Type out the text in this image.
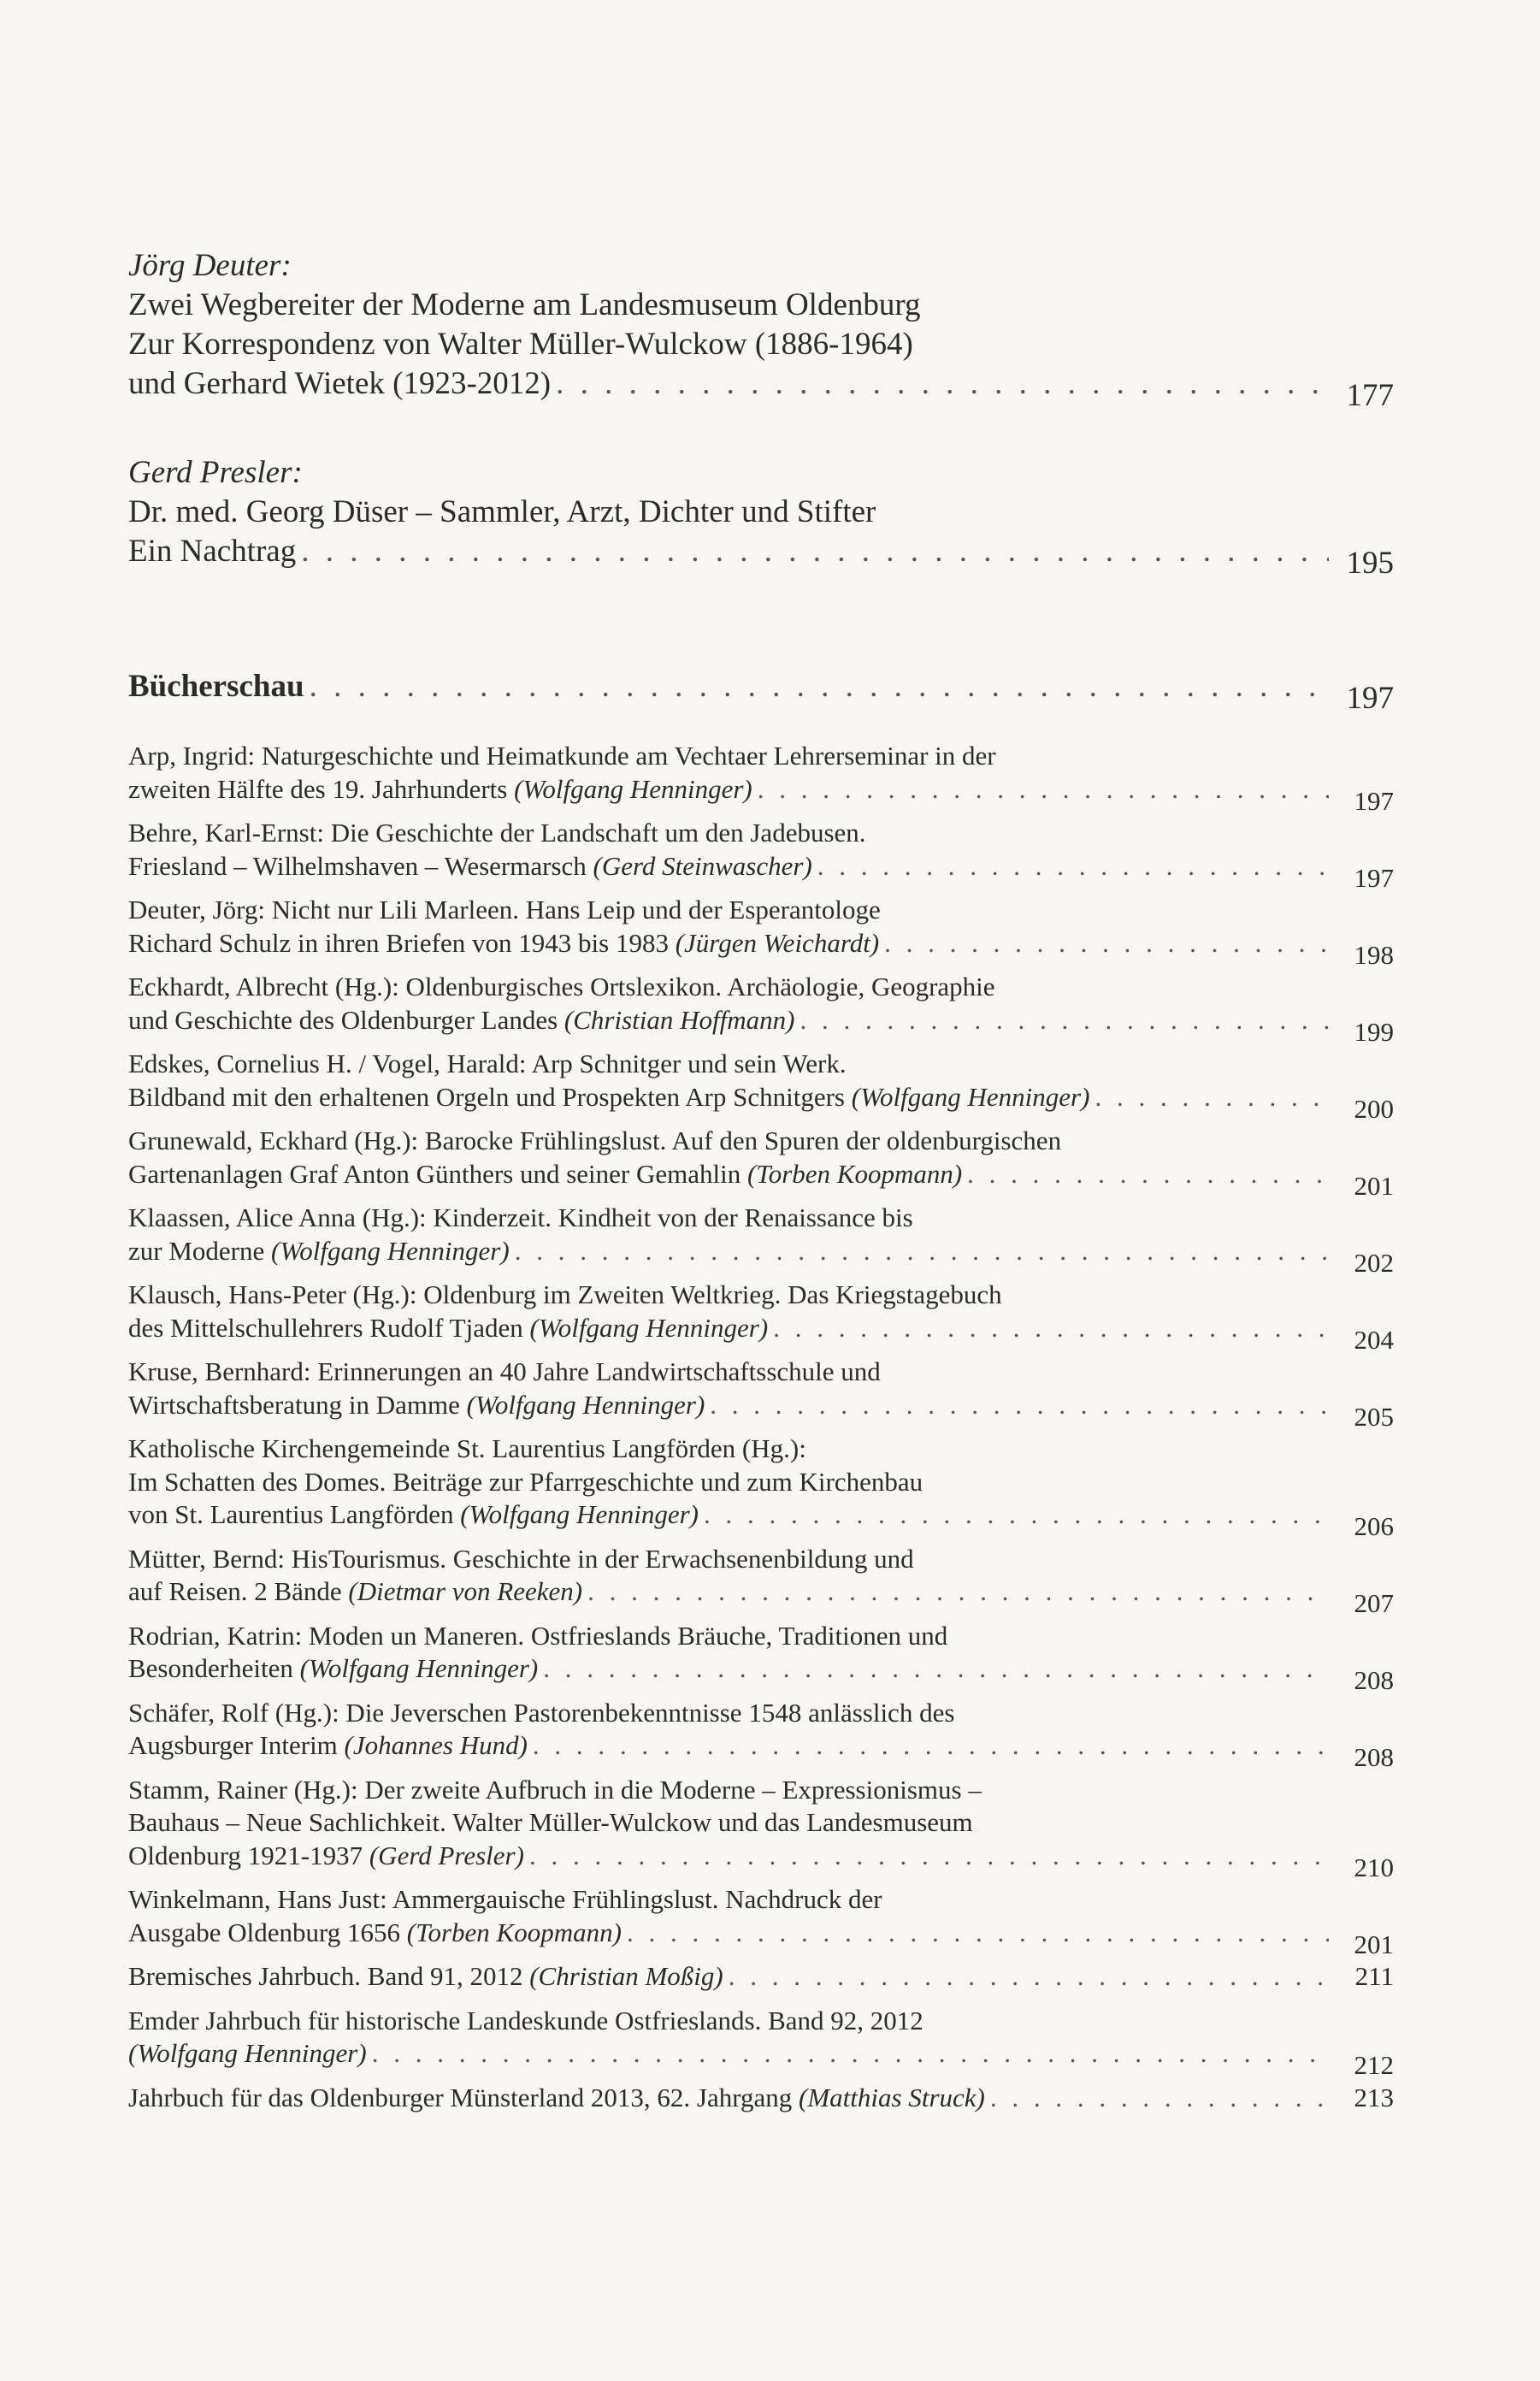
Jörg Deuter:
Zwei Wegbereiter der Moderne am Landesmuseum Oldenburg
Zur Korrespondenz von Walter Müller-Wulckow (1886-1964)
und Gerhard Wietek (1923-2012) . . .	177
Gerd Presler:
Dr. med. Georg Düser – Sammler, Arzt, Dichter und Stifter
Ein Nachtrag . . .	195
Bücherschau . . .	197
Arp, Ingrid: Naturgeschichte und Heimatkunde am Vechtaer Lehrerseminar in der
zweiten Hälfte des 19. Jahrhunderts (Wolfgang Henninger) . . .	197
Behre, Karl-Ernst: Die Geschichte der Landschaft um den Jadebusen.
Friesland – Wilhelmshaven – Wesermarsch (Gerd Steinwascher) . . .	197
Deuter, Jörg: Nicht nur Lili Marleen. Hans Leip und der Esperantologe
Richard Schulz in ihren Briefen von 1943 bis 1983 (Jürgen Weichardt) . . .	198
Eckhardt, Albrecht (Hg.): Oldenburgisches Ortslexikon. Archäologie, Geographie
und Geschichte des Oldenburger Landes (Christian Hoffmann) . . .	199
Edskes, Cornelius H. / Vogel, Harald: Arp Schnitger und sein Werk.
Bildband mit den erhaltenen Orgeln und Prospekten Arp Schnitgers (Wolfgang Henninger) . . .	200
Grunewald, Eckhard (Hg.): Barocke Frühlingslust. Auf den Spuren der oldenburgischen
Gartenanlagen Graf Anton Günthers und seiner Gemahlin (Torben Koopmann) . . .	201
Klaassen, Alice Anna (Hg.): Kinderzeit. Kindheit von der Renaissance bis
zur Moderne (Wolfgang Henninger) . . .	202
Klausch, Hans-Peter (Hg.): Oldenburg im Zweiten Weltkrieg. Das Kriegstagebuch
des Mittelschullehrers Rudolf Tjaden (Wolfgang Henninger) . . .	204
Kruse, Bernhard: Erinnerungen an 40 Jahre Landwirtschaftsschule und
Wirtschaftsberatung in Damme (Wolfgang Henninger) . . .	205
Katholische Kirchengemeinde St. Laurentius Langförden (Hg.):
Im Schatten des Domes. Beiträge zur Pfarrgeschichte und zum Kirchenbau
von St. Laurentius Langförden (Wolfgang Henninger) . . .	206
Mütter, Bernd: HisTourismus. Geschichte in der Erwachsenenbildung und
auf Reisen. 2 Bände (Dietmar von Reeken) . . .	207
Rodrian, Katrin: Moden un Maneren. Ostfrieslands Bräuche, Traditionen und
Besonderheiten (Wolfgang Henninger) . . .	208
Schäfer, Rolf (Hg.): Die Jeverschen Pastorenbekenntnisse 1548 anlässlich des
Augsburger Interim (Johannes Hund) . . .	208
Stamm, Rainer (Hg.): Der zweite Aufbruch in die Moderne – Expressionismus –
Bauhaus – Neue Sachlichkeit. Walter Müller-Wulckow und das Landesmuseum
Oldenburg 1921-1937 (Gerd Presler) . . .	210
Winkelmann, Hans Just: Ammergauische Frühlingslust. Nachdruck der
Ausgabe Oldenburg 1656 (Torben Koopmann) . . .	201
Bremisches Jahrbuch. Band 91, 2012 (Christian Moßig) . . .	211
Emder Jahrbuch für historische Landeskunde Ostfrieslands. Band 92, 2012
(Wolfgang Henninger) . . .	212
Jahrbuch für das Oldenburger Münsterland 2013, 62. Jahrgang (Matthias Struck) . . .	213
